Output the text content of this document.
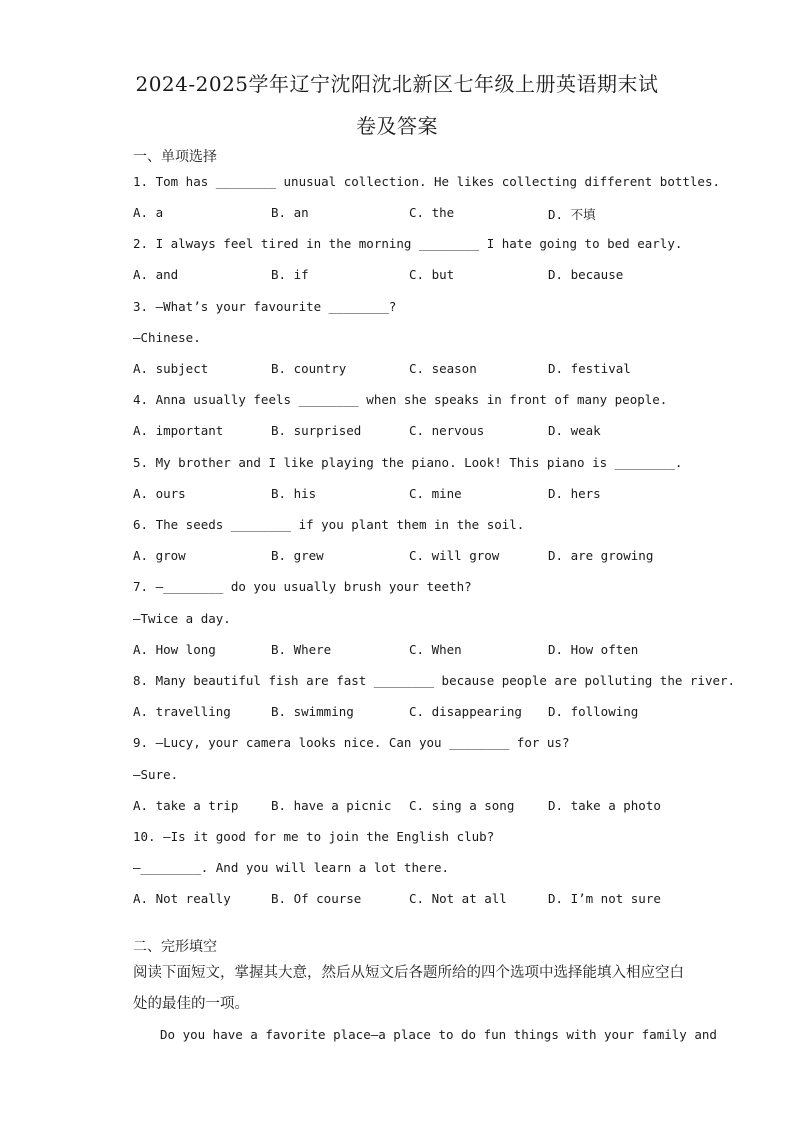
2024-2025学年辽宁沈阳沈北新区七年级上册英语期末试
卷及答案
一、单项选择
1. Tom has ________ unusual collection. He likes collecting different bottles.
A. a	B. an	C. the	D. 不填
2. I always feel tired in the morning ________ I hate going to bed early.
A. and	B. if	C. but	D. because
3. —What’s your favourite ________?
—Chinese.
A. subject	B. country	C. season	D. festival
4. Anna usually feels ________ when she speaks in front of many people.
A. important	B. surprised	C. nervous	D. weak
5. My brother and I like playing the piano. Look! This piano is ________.
A. ours	B. his	C. mine	D. hers
6. The seeds ________ if you plant them in the soil.
A. grow	B. grew	C. will grow	D. are growing
7. —________ do you usually brush your teeth?
—Twice a day.
A. How long	B. Where	C. When	D. How often
8. Many beautiful fish are fast ________ because people are polluting the river.
A. travelling	B. swimming	C. disappearing D. following
9. —Lucy, your camera looks nice. Can you ________ for us?
—Sure.
A. take a trip	B. have a picnic C. sing a song	D. take a photo
10. —Is it good for me to join the English club?
—________. And you will learn a lot there.
A. Not really	B. Of course	C. Not at all	D. I’m not sure
二、完形填空
阅读下面短文，掌握其大意，然后从短文后各题所给的四个选项中选择能填入相应空白
处的最佳的一项。
Do you have a favorite place—a place to do fun things with your family and
